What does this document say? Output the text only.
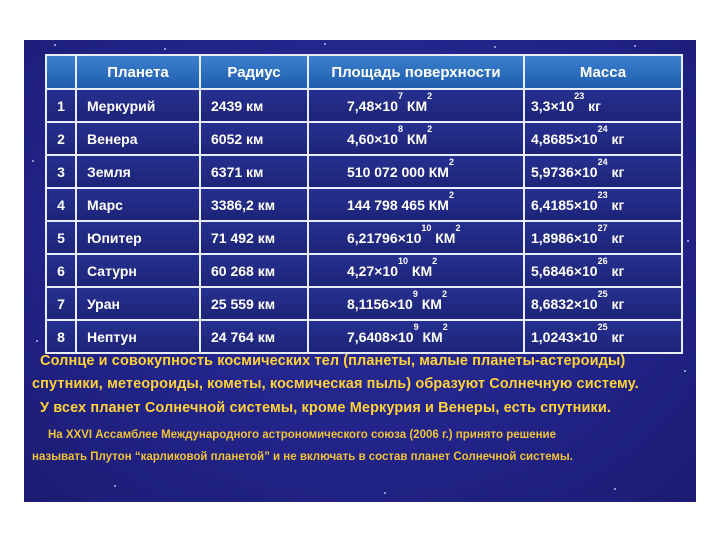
	Планета	Радиус	Площадь поверхности	Масса
1	Меркурий	2439 км	$7,48\times 10^7$ $КМ^2$	$3,3\times 10^{23}$ кг
2	Венера	6052 км	$4,60\times 10^8$ $КМ^2$	$4,8685\times 10^{24}$ кг
3	Земля	6371 км	510 072 000 $КМ^2$	$5,9736\times 10^{24}$ кг
4	Марс	3386,2 км	144 798 465 $КМ^2$	$6,4185\times 10^{23}$ кг
5	Юпитер	71 492 км	$6,21796\times 10^{10}$ $КМ^2$	$1,8986\times 10^{27}$ кг
6	Сатурн	60 268 км	$4,27\times 10^{10}$ $КМ^2$	$5,6846\times 10^{26}$ кг
7	Уран	25 559 км	$8,1156\times 10^9$ $КМ^2$	$8,6832\times 10^{25}$ кг
8	Нептун	24 764 км	$7,6408\times 10^9$ $КМ^2$	$1,0243\times 10^{25}$ кг
Солнце и совокупность космических тел (планеты, малые планеты-астероиды)
спутники, метеороиды, кометы, космическая пыль) образуют Солнечную систему.
У всех планет Солнечной системы, кроме Меркурия и Венеры, есть спутники.
На XXVI Ассамблее Международного астрономического союза (2006 г.) принято решение
называть Плутон “карликовой планетой” и не включать в состав планет Солнечной системы.
